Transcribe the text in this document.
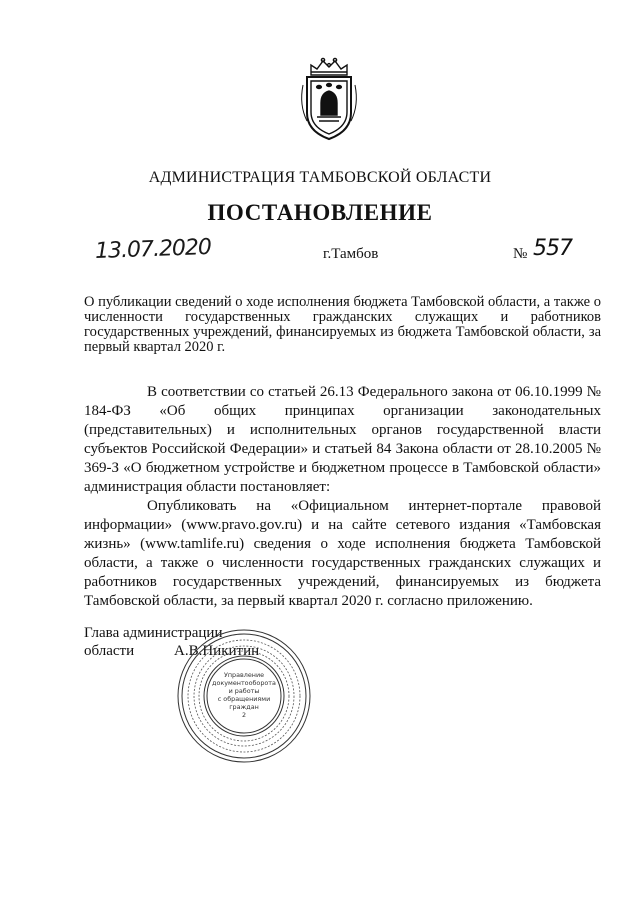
АДМИНИСТРАЦИЯ ТАМБОВСКОЙ ОБЛАСТИ
ПОСТАНОВЛЕНИЕ
13.07.2020	г.Тамбов	№ 557
О публикации сведений о ходе исполнения бюджета Тамбовской области, а также о численности государственных гражданских служащих и работников государственных учреждений, финансируемых из бюджета Тамбовской области, за первый квартал 2020 г.

В соответствии со статьей 26.13 Федерального закона от 06.10.1999 № 184-ФЗ «Об общих принципах организации законодательных (представительных) и исполнительных органов государственной власти субъектов Российской Федерации» и статьей 84 Закона области от 28.10.2005 № 369-З «О бюджетном устройстве и бюджетном процессе в Тамбовской области» администрация области постановляет:

Опубликовать на «Официальном интернет-портале правовой информации» (www.pravo.gov.ru) и на сайте сетевого издания «Тамбовская жизнь» (www.tamlife.ru) сведения о ходе исполнения бюджета Тамбовской области, а также о численности государственных гражданских служащих и работников государственных учреждений, финансируемых из бюджета Тамбовской области, за первый квартал 2020 г. согласно приложению.

Глава администрации
области	А.В.Никитин
Управление
документооборота
и работы
с обращениями
граждан
2
